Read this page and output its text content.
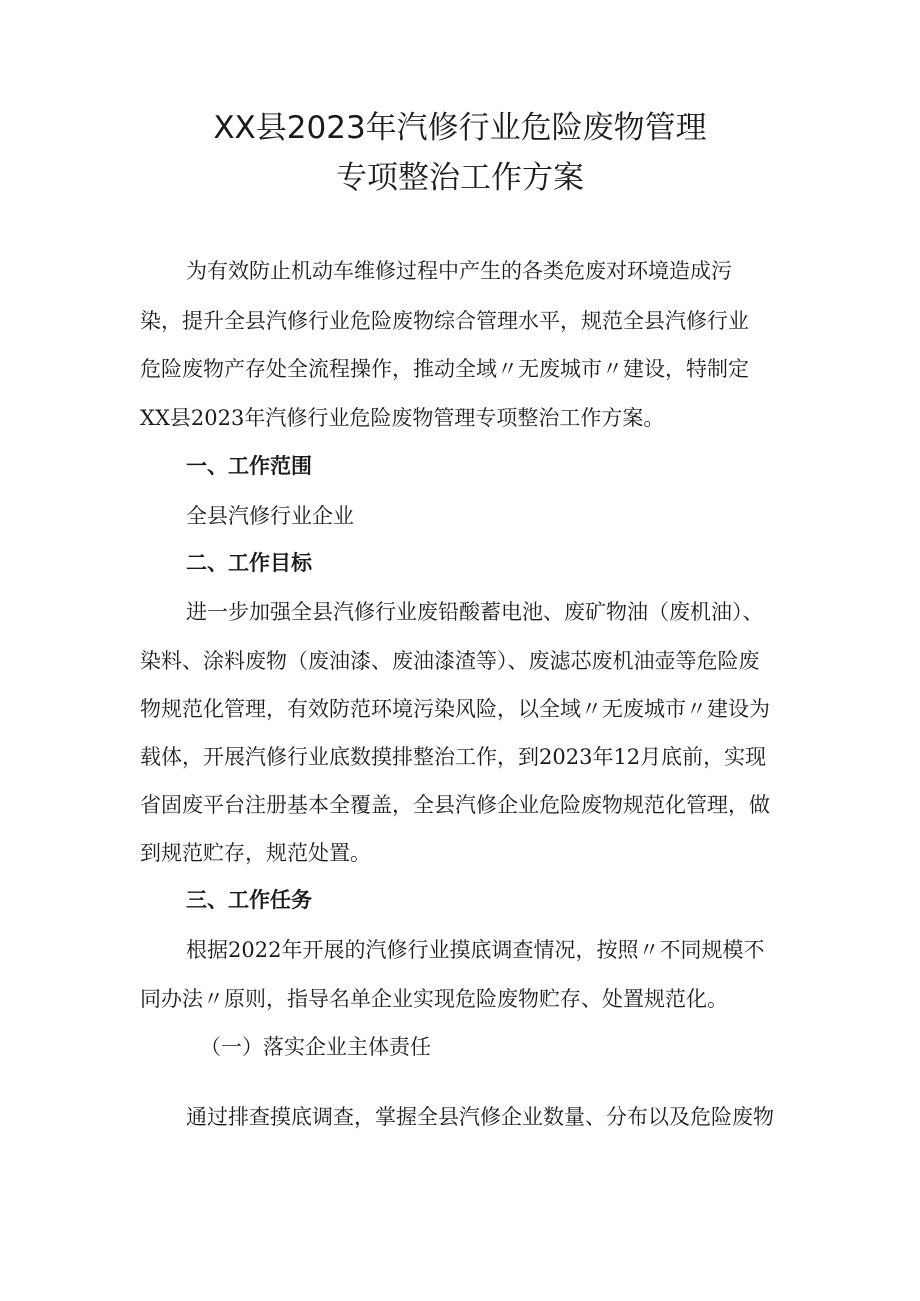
XX县2023年汽修行业危险废物管理
专项整治工作方案

为有效防止机动车维修过程中产生的各类危废对环境造成污

染，提升全县汽修行业危险废物综合管理水平，规范全县汽修行业

危险废物产存处全流程操作，推动全域〃无废城市〃建设，特制定

XX县2023年汽修行业危险废物管理专项整治工作方案。

一、工作范围

全县汽修行业企业

二、工作目标

进一步加强全县汽修行业废铅酸蓄电池、废矿物油（废机油）、

染料、涂料废物（废油漆、废油漆渣等）、废滤芯废机油壶等危险废

物规范化管理，有效防范环境污染风险，以全域〃无废城市〃建设为

载体，开展汽修行业底数摸排整治工作，到2023年12月底前，实现

省固废平台注册基本全覆盖，全县汽修企业危险废物规范化管理，做

到规范贮存，规范处置。

三、工作任务

根据2022年开展的汽修行业摸底调查情况，按照〃不同规模不

同办法〃原则，指导名单企业实现危险废物贮存、处置规范化。

（一）落实企业主体责任

通过排查摸底调查，掌握全县汽修企业数量、分布以及危险废物
